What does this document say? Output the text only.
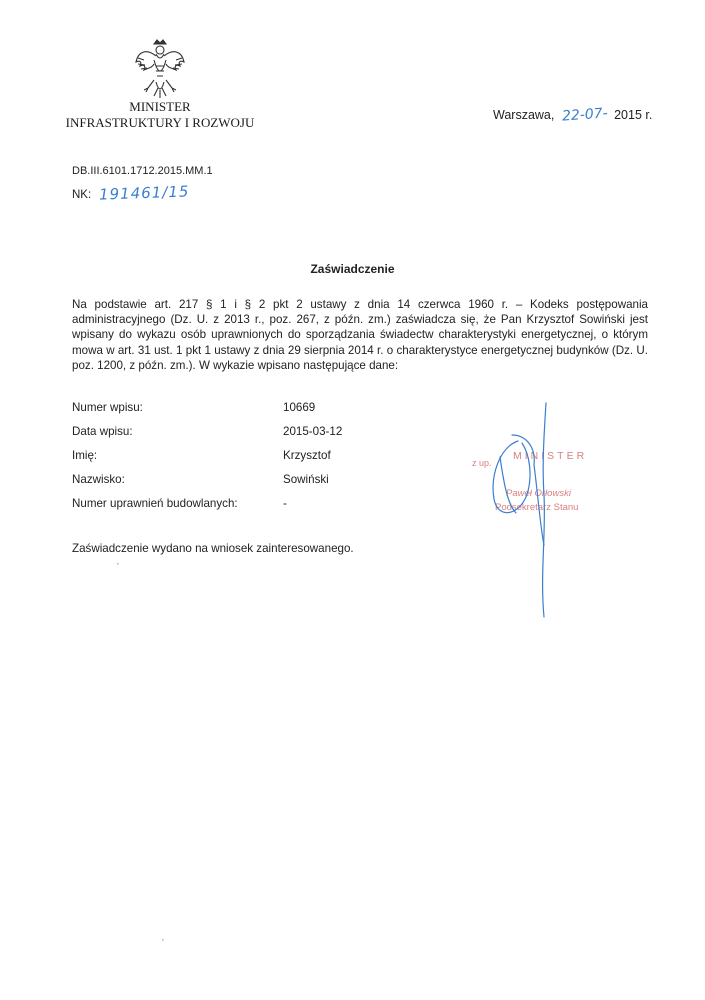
MINISTER
INFRASTRUKTURY I ROZWOJU	Warszawa, 22-07- 2015 r.
DB.III.6101.1712.2015.MM.1
NK: 191461/15
Zaświadczenie
Na podstawie art. 217 § 1 i § 2 pkt 2 ustawy z dnia 14 czerwca 1960 r. – Kodeks postępowania administracyjnego (Dz. U. z 2013 r., poz. 267, z późn. zm.) zaświadcza się, że Pan Krzysztof Sowiński jest wpisany do wykazu osób uprawnionych do sporządzania świadectw charakterystyki energetycznej, o którym mowa w art. 31 ust. 1 pkt 1 ustawy z dnia 29 sierpnia 2014 r. o charakterystyce energetycznej budynków (Dz. U. poz. 1200, z późn. zm.). W wykazie wpisano następujące dane:
Numer wpisu:	10669
Data wpisu:	2015-03-12
Imię:	Krzysztof
Nazwisko:	Sowiński
Numer uprawnień budowlanych:	-
Zaświadczenie wydano na wniosek zainteresowanego.
z up.
MINISTER
Paweł Orłowski
Podsekretarz Stanu
’
’
